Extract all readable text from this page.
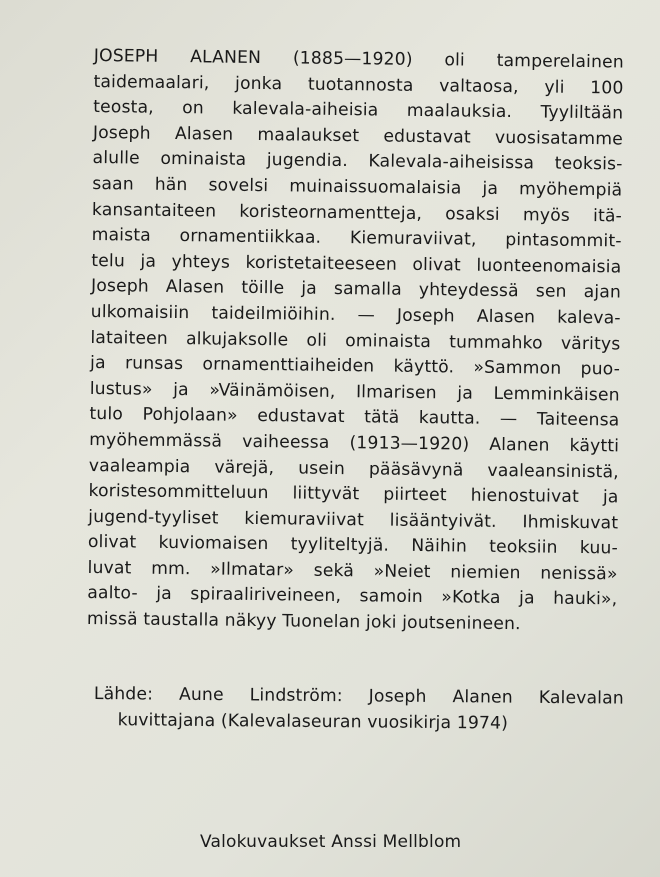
JOSEPH ALANEN (1885—1920) oli tamperelainen
taidemaalari, jonka tuotannosta valtaosa, yli 100
teosta, on kalevala-aiheisia maalauksia. Tyyliltään
Joseph Alasen maalaukset edustavat vuosisatamme
alulle ominaista jugendia. Kalevala-aiheisissa teoksis-
saan hän sovelsi muinaissuomalaisia ja myöhempiä
kansantaiteen koristeornamenttеja, osaksi myös itä-
maista ornamentiikkaa. Kiemuraviivat, pintasommit-
telu ja yhteys koristetaiteeseen olivat luonteenomaisia
Joseph Alasen töille ja samalla yhteydessä sen ajan
ulkomaisiin taideilmiöihin. — Joseph Alasen kaleva-
lataiteen alkujaksolle oli ominaista tummahko väritys
ja runsas ornamenttiaiheiden käyttö. »Sammon puo-
lustus» ja »Väinämöisen, Ilmarisen ja Lemminkäisen
tulo Pohjolaan» edustavat tätä kautta. — Taiteensa
myöhemmässä vaiheessa (1913—1920) Alanen käytti
vaaleampia värejä, usein pääsävynä vaaleansinistä,
koristesommitteluun liittyvät piirteet hienostuivat ja
jugend-tyyliset kiemuraviivat lisääntyivät. Ihmiskuvat
olivat kuviomaisen tyyliteltyjä. Näihin teoksiin kuu-
luvat mm. »Ilmatar» sekä »Neiet niemien nenissä»
aalto- ja spiraaliriveineen, samoin »Kotka ja hauki»,
missä taustalla näkyy Tuonelan joki joutsenineen.
Lähde: Aune Lindström: Joseph Alanen Kalevalan
kuvittajana (Kalevalaseuran vuosikirja 1974)
Valokuvaukset Anssi Mellblom
